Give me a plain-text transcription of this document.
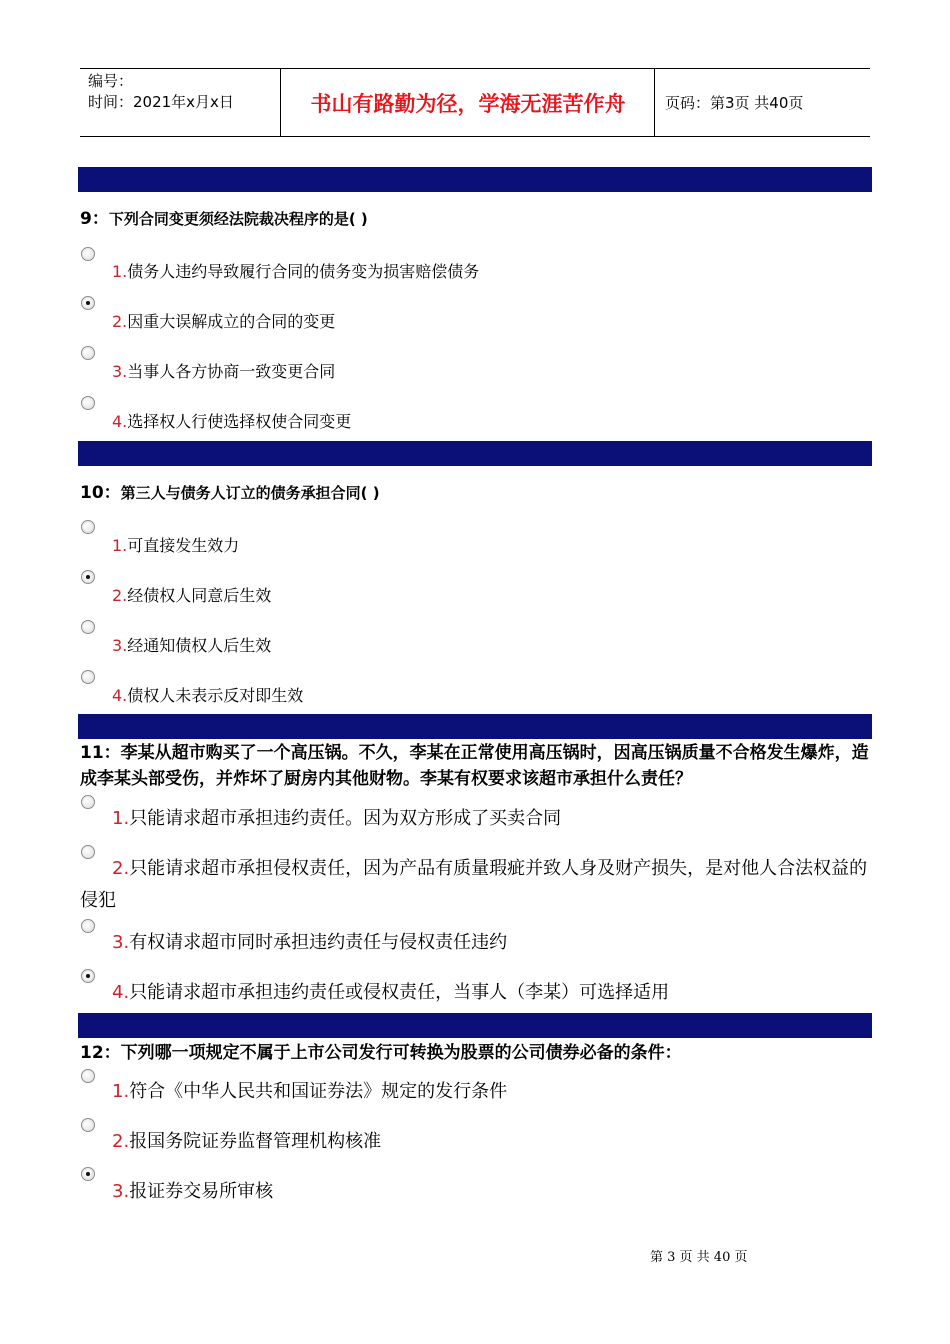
编号：
时间：2021年x月x日	书山有路勤为径，学海无涯苦作舟	页码：第3页 共40页
9：下列合同变更须经法院裁决程序的是( )
1.债务人违约导致履行合同的债务变为损害赔偿债务
2.因重大误解成立的合同的变更
3.当事人各方协商一致变更合同
4.选择权人行使选择权使合同变更
10：第三人与债务人订立的债务承担合同( )
1.可直接发生效力
2.经债权人同意后生效
3.经通知债权人后生效
4.债权人未表示反对即生效
11：李某从超市购买了一个高压锅。不久，李某在正常使用高压锅时，因高压锅质量不合格发生爆炸，造成李某头部受伤，并炸坏了厨房内其他财物。李某有权要求该超市承担什么责任？
1.只能请求超市承担违约责任。因为双方形成了买卖合同
2.只能请求超市承担侵权责任，因为产品有质量瑕疵并致人身及财产损失，是对他人合法权益的侵犯
3.有权请求超市同时承担违约责任与侵权责任违约
4.只能请求超市承担违约责任或侵权责任，当事人（李某）可选择适用
12：下列哪一项规定不属于上市公司发行可转换为股票的公司债券必备的条件：
1.符合《中华人民共和国证券法》规定的发行条件
2.报国务院证券监督管理机构核准
3.报证券交易所审核
第 3 页 共 40 页
